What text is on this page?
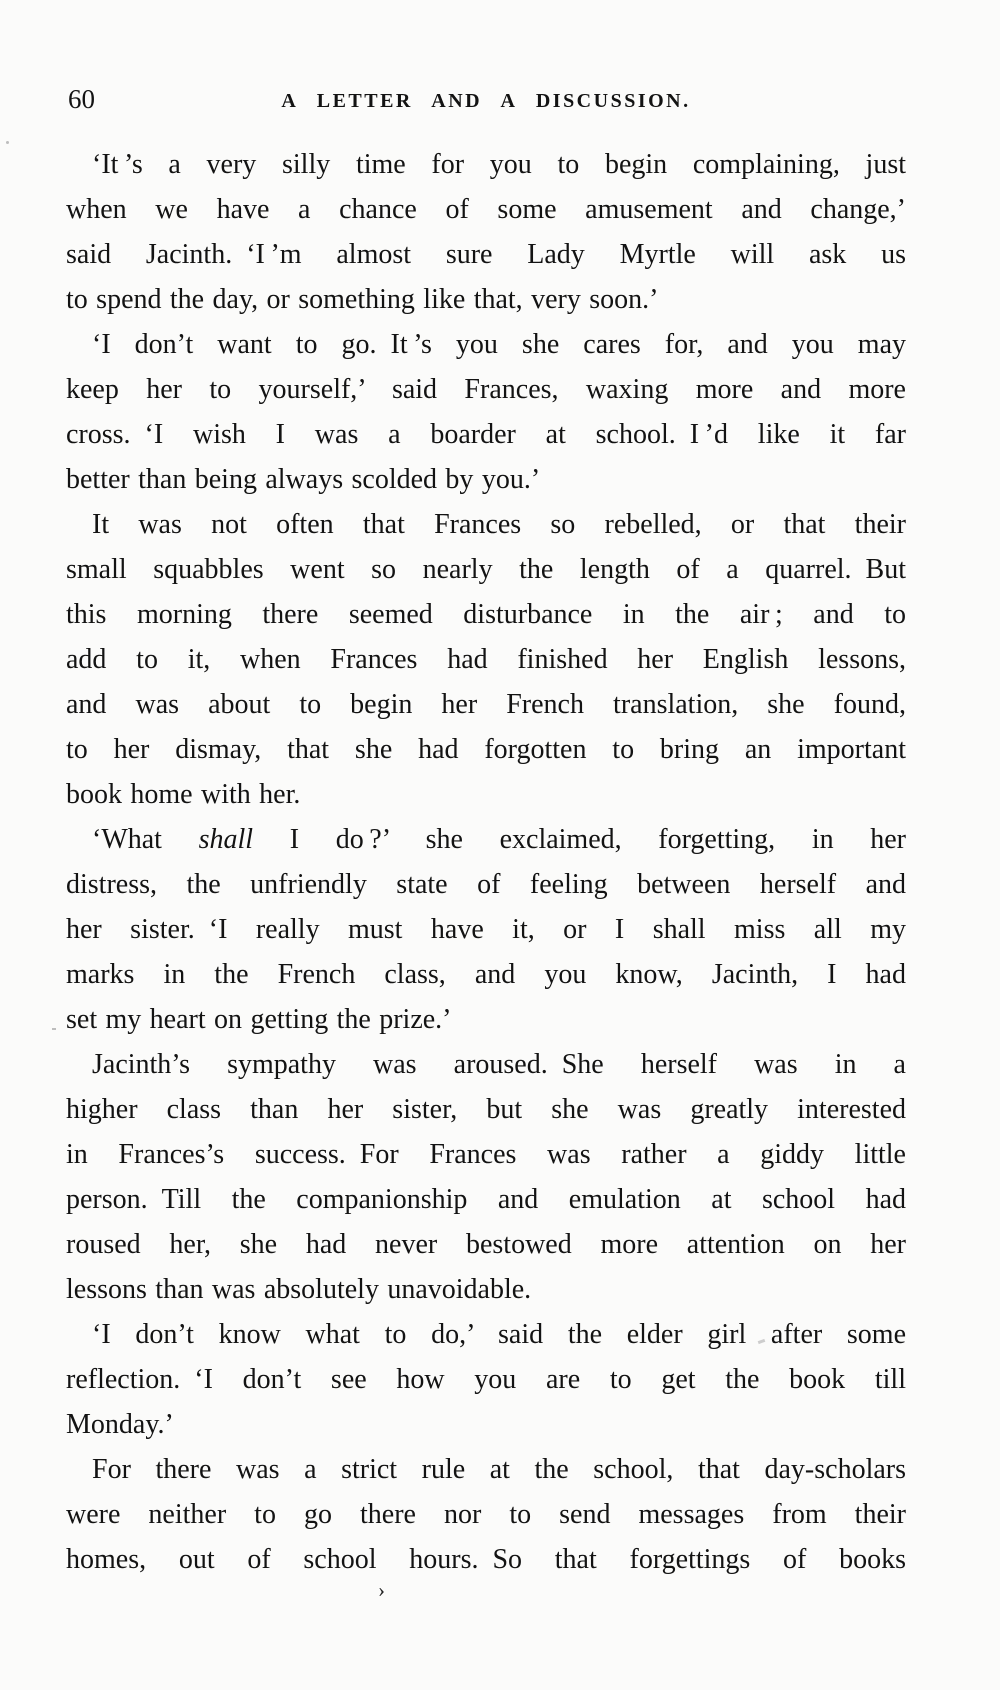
60	A LETTER AND A DISCUSSION.
‘It ’s a very silly time for you to begin complaining, just
when we have a chance of some amusement and change,’
said Jacinth. ‘I ’m almost sure Lady Myrtle will ask us
to spend the day, or something like that, very soon.’
‘I don’t want to go. It ’s you she cares for, and you may
keep her to yourself,’ said Frances, waxing more and more
cross. ‘I wish I was a boarder at school. I ’d like it far
better than being always scolded by you.’
It was not often that Frances so rebelled, or that their
small squabbles went so nearly the length of a quarrel. But
this morning there seemed disturbance in the air ; and to
add to it, when Frances had finished her English lessons,
and was about to begin her French translation, she found,
to her dismay, that she had forgotten to bring an important
book home with her.
‘What shall I do ?’ she exclaimed, forgetting, in her
distress, the unfriendly state of feeling between herself and
her sister. ‘I really must have it, or I shall miss all my
marks in the French class, and you know, Jacinth, I had
set my heart on getting the prize.’
Jacinth’s sympathy was aroused. She herself was in a
higher class than her sister, but she was greatly interested
in Frances’s success. For Frances was rather a giddy little
person. Till the companionship and emulation at school had
roused her, she had never bestowed more attention on her
lessons than was absolutely unavoidable.
‘I don’t know what to do,’ said the elder girl after some
reflection. ‘I don’t see how you are to get the book till
Monday.’
For there was a strict rule at the school, that day-scholars
were neither to go there nor to send messages from their
homes, out of school hours. So that forgettings of books
›
